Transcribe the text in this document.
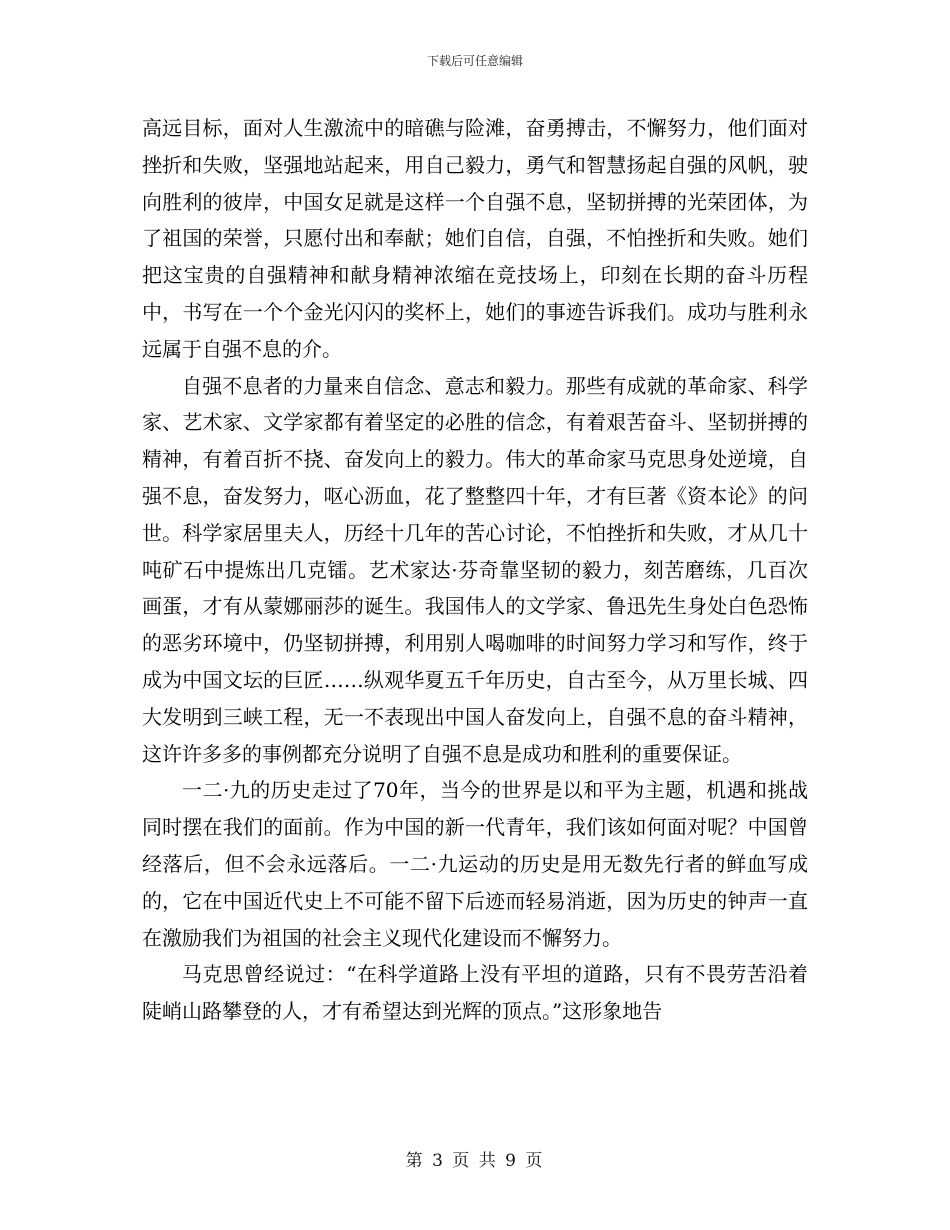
下载后可任意编辑

高远目标，面对人生激流中的暗礁与险滩，奋勇搏击，不懈努力，他们面对挫折和失败，坚强地站起来，用自己毅力，勇气和智慧扬起自强的风帆，驶向胜利的彼岸，中国女足就是这样一个自强不息，坚韧拼搏的光荣团体，为了祖国的荣誉，只愿付出和奉献；她们自信，自强，不怕挫折和失败。她们把这宝贵的自强精神和献身精神浓缩在竞技场上，印刻在长期的奋斗历程中，书写在一个个金光闪闪的奖杯上，她们的事迹告诉我们。成功与胜利永远属于自强不息的介。

自强不息者的力量来自信念、意志和毅力。那些有成就的革命家、科学家、艺术家、文学家都有着坚定的必胜的信念，有着艰苦奋斗、坚韧拼搏的精神，有着百折不挠、奋发向上的毅力。伟大的革命家马克思身处逆境，自强不息，奋发努力，呕心沥血，花了整整四十年，才有巨著《资本论》的问世。科学家居里夫人，历经十几年的苦心讨论，不怕挫折和失败，才从几十吨矿石中提炼出几克镭。艺术家达·芬奇靠坚韧的毅力，刻苦磨练，几百次画蛋，才有从蒙娜丽莎的诞生。我国伟人的文学家、鲁迅先生身处白色恐怖的恶劣环境中，仍坚韧拼搏，利用别人喝咖啡的时间努力学习和写作，终于成为中国文坛的巨匠……纵观华夏五千年历史，自古至今，从万里长城、四大发明到三峡工程，无一不表现出中国人奋发向上，自强不息的奋斗精神，这许许多多的事例都充分说明了自强不息是成功和胜利的重要保证。

一二·九的历史走过了70年，当今的世界是以和平为主题，机遇和挑战同时摆在我们的面前。作为中国的新一代青年，我们该如何面对呢？中国曾经落后，但不会永远落后。一二·九运动的历史是用无数先行者的鲜血写成的，它在中国近代史上不可能不留下后迹而轻易消逝，因为历史的钟声一直在激励我们为祖国的社会主义现代化建设而不懈努力。

马克思曾经说过：“在科学道路上没有平坦的道路，只有不畏劳苦沿着陡峭山路攀登的人，才有希望达到光辉的顶点。”这形象地告

第 3 页 共 9 页
